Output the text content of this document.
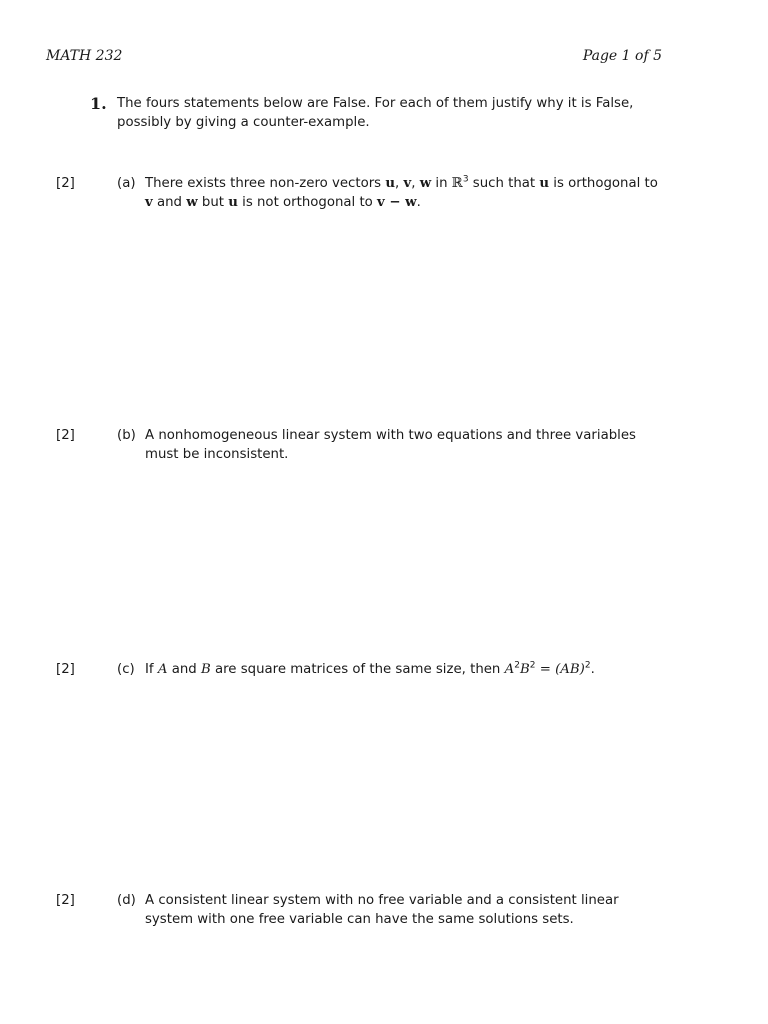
MATH 232	Page 1 of 5
1. The fours statements below are False. For each of them justify why it is False, possibly by giving a counter-example.
[2]	(a) There exists three non-zero vectors u, v, w in ℝ$^3$ such that u is orthogonal to v and w but u is not orthogonal to v − w.
[2]	(b) A nonhomogeneous linear system with two equations and three variables must be inconsistent.
[2]	(c) If A and B are square matrices of the same size, then $A^2B^2 = (AB)^2$.
[2]	(d) A consistent linear system with no free variable and a consistent linear system with one free variable can have the same solutions sets.
